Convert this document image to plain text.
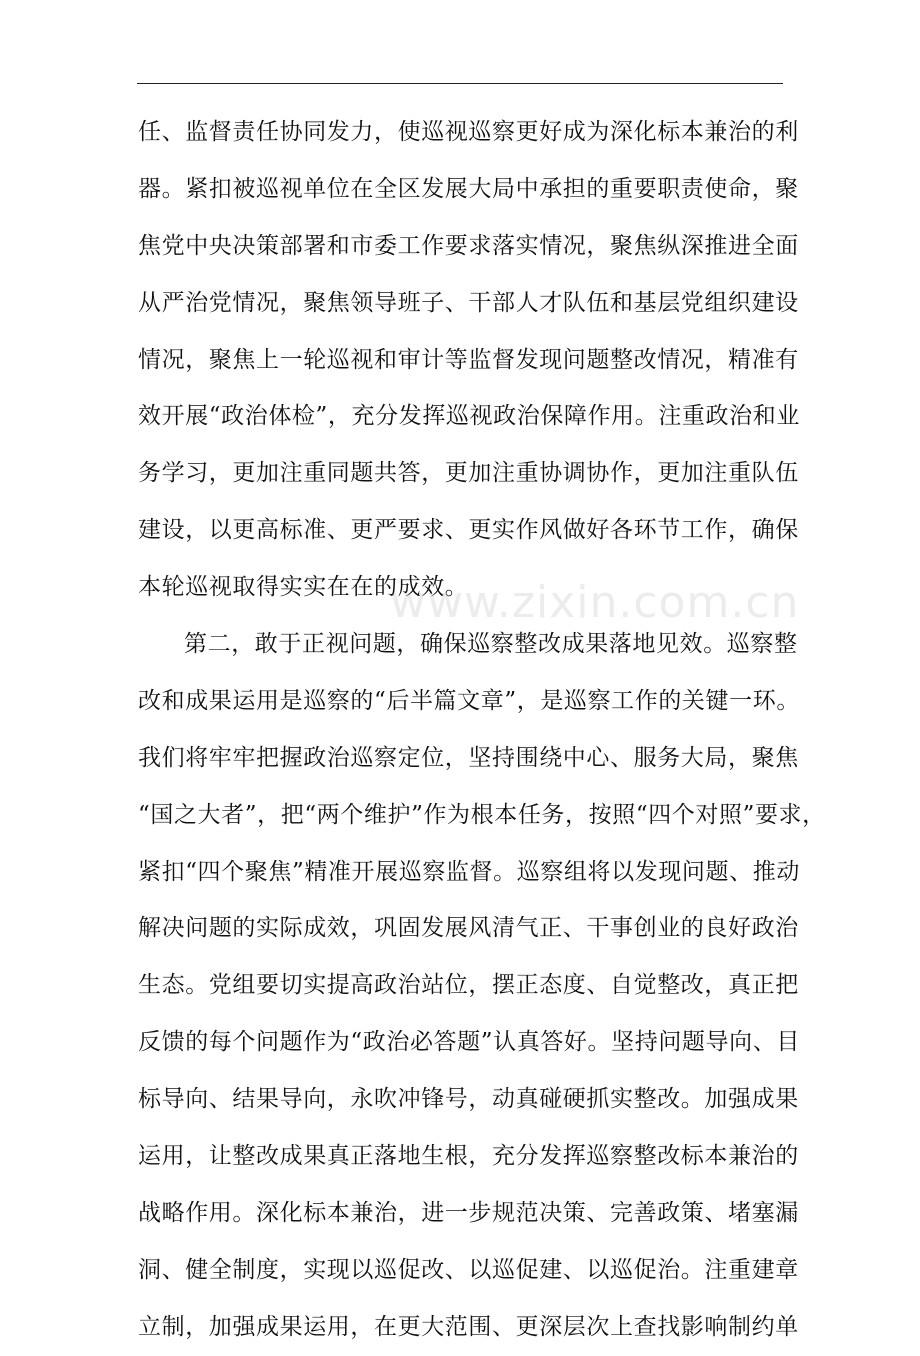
任、监督责任协同发力，使巡视巡察更好成为深化标本兼治的利
器。紧扣被巡视单位在全区发展大局中承担的重要职责使命，聚
焦党中央决策部署和市委工作要求落实情况，聚焦纵深推进全面
从严治党情况，聚焦领导班子、干部人才队伍和基层党组织建设
情况，聚焦上一轮巡视和审计等监督发现问题整改情况，精准有
效开展“政治体检”，充分发挥巡视政治保障作用。注重政治和业
务学习，更加注重同题共答，更加注重协调协作，更加注重队伍
建设，以更高标准、更严要求、更实作风做好各环节工作，确保
本轮巡视取得实实在在的成效。
第二，敢于正视问题，确保巡察整改成果落地见效。巡察整
改和成果运用是巡察的“后半篇文章”，是巡察工作的关键一环。
我们将牢牢把握政治巡察定位，坚持围绕中心、服务大局，聚焦
“国之大者”，把“两个维护”作为根本任务，按照“四个对照”要求，
紧扣“四个聚焦”精准开展巡察监督。巡察组将以发现问题、推动
解决问题的实际成效，巩固发展风清气正、干事创业的良好政治
生态。党组要切实提高政治站位，摆正态度、自觉整改，真正把
反馈的每个问题作为“政治必答题”认真答好。坚持问题导向、目
标导向、结果导向，永吹冲锋号，动真碰硬抓实整改。加强成果
运用，让整改成果真正落地生根，充分发挥巡察整改标本兼治的
战略作用。深化标本兼治，进一步规范决策、完善政策、堵塞漏
洞、健全制度，实现以巡促改、以巡促建、以巡促治。注重建章
立制，加强成果运用，在更大范围、更深层次上查找影响制约单
www.zixin.com.cn
